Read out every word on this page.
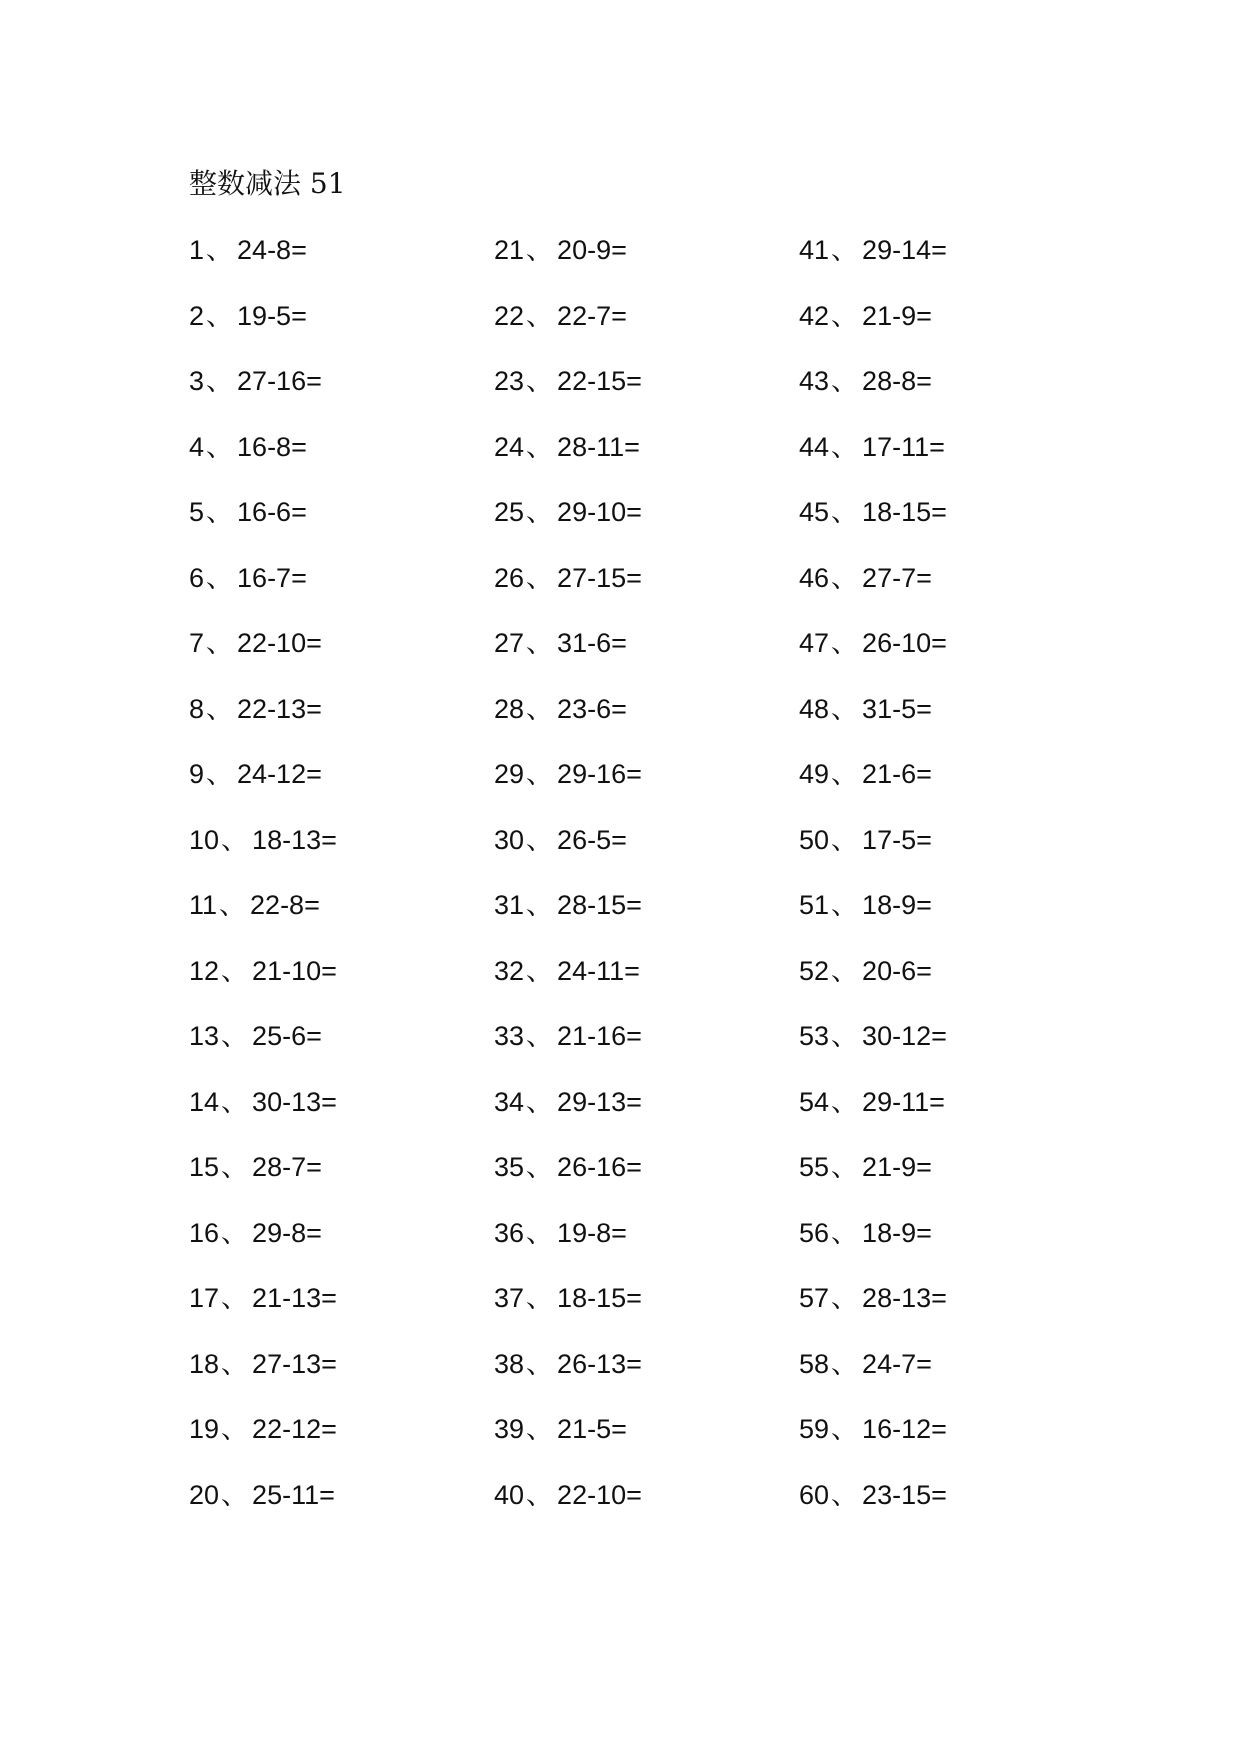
整数减法 51
1 、 24-8=
2 、 19-5=
3 、 27-16=
4 、 16-8=
5 、 16-6=
6 、 16-7=
7 、 22-10=
8 、 22-13=
9 、 24-12=
10 、 18-13=
11 、 22-8=
12 、 21-10=
13 、 25-6=
14 、 30-13=
15 、 28-7=
16 、 29-8=
17 、 21-13=
18 、 27-13=
19 、 22-12=
20 、 25-11=
21 、 20-9=
22 、 22-7=
23 、 22-15=
24 、 28-11=
25 、 29-10=
26 、 27-15=
27 、 31-6=
28 、 23-6=
29 、 29-16=
30 、 26-5=
31 、 28-15=
32 、 24-11=
33 、 21-16=
34 、 29-13=
35 、 26-16=
36 、 19-8=
37 、 18-15=
38 、 26-13=
39 、 21-5=
40 、 22-10=
41 、 29-14=
42 、 21-9=
43 、 28-8=
44 、 17-11=
45 、 18-15=
46 、 27-7=
47 、 26-10=
48 、 31-5=
49 、 21-6=
50 、 17-5=
51 、 18-9=
52 、 20-6=
53 、 30-12=
54 、 29-11=
55 、 21-9=
56 、 18-9=
57 、 28-13=
58 、 24-7=
59 、 16-12=
60 、 23-15=
